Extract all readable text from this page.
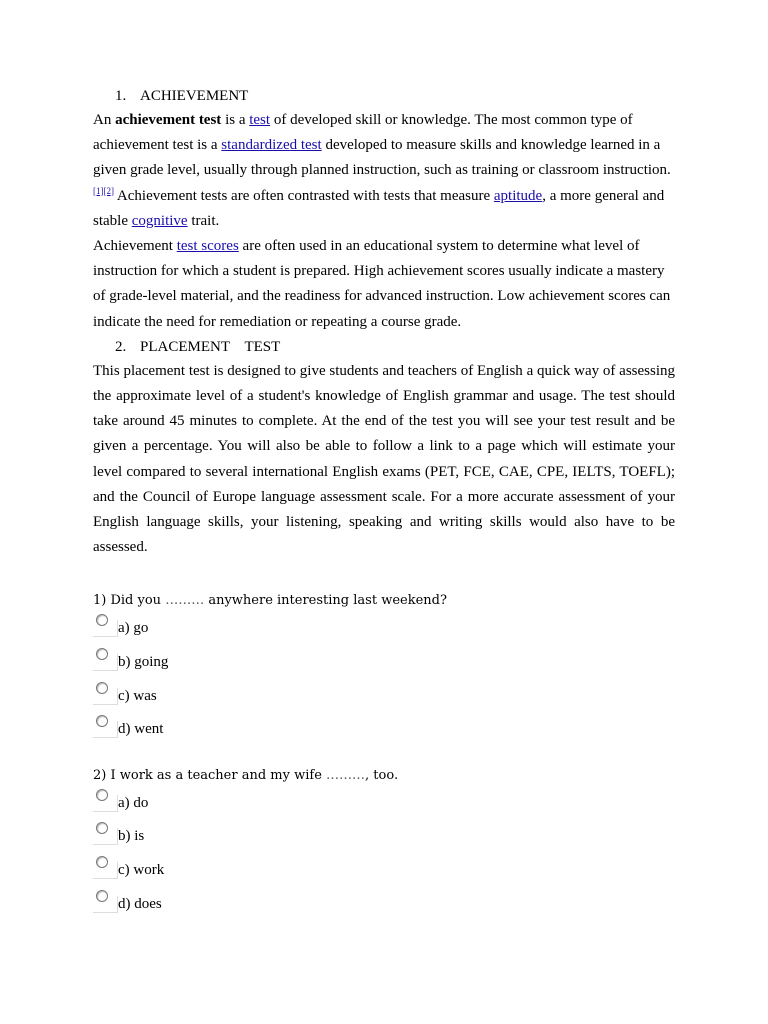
1. ACHIEVEMENT

An achievement test is a test of developed skill or knowledge. The most common type of achievement test is a standardized test developed to measure skills and knowledge learned in a given grade level, usually through planned instruction, such as training or classroom instruction.[1][2] Achievement tests are often contrasted with tests that measure aptitude, a more general and stable cognitive trait.

Achievement test scores are often used in an educational system to determine what level of instruction for which a student is prepared. High achievement scores usually indicate a mastery of grade-level material, and the readiness for advanced instruction. Low achievement scores can indicate the need for remediation or repeating a course grade.

2. PLACEMENT    TEST

This placement test is designed to give students and teachers of English a quick way of assessing the approximate level of a student's knowledge of English grammar and usage. The test should take around 45 minutes to complete. At the end of the test you will see your test result and be given a percentage. You will also be able to follow a link to a page which will estimate your level compared to several international English exams (PET, FCE, CAE, CPE, IELTS, TOEFL); and the Council of Europe language assessment scale. For a more accurate assessment of your English language skills, your listening, speaking and writing skills would also have to be assessed.

1) Did you ……… anywhere interesting last weekend?
a) go
b) going
c) was
d) went
2) I work as a teacher and my wife ………, too.
a) do
b) is
c) work
d) does
